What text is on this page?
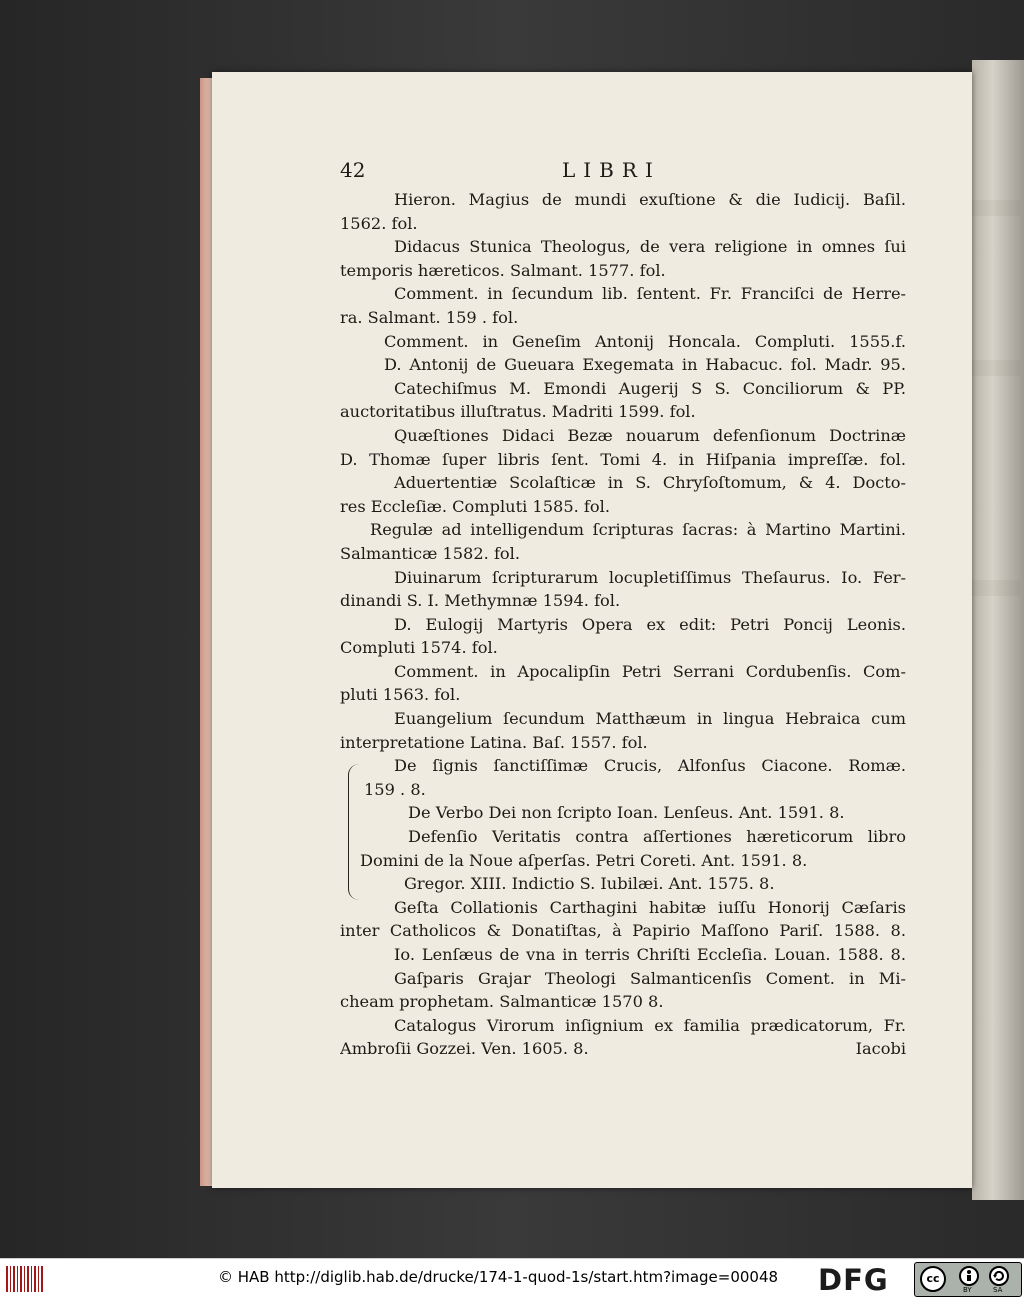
42	LIBRI
Hieron. Magius de mundi exuſtione & die Iudicij. Baſil.
1562. fol.
Didacus Stunica Theologus, de vera religione in omnes ſui
temporis hæreticos. Salmant. 1577. fol.
Comment. in ſecundum lib. ſentent. Fr. Franciſci de Herre-
ra. Salmant. 159 . fol.
Comment. in Geneſim Antonij Honcala. Compluti. 1555.f.
D. Antonij de Gueuara Exegemata in Habacuc. fol. Madr. 95.
Catechiſmus M. Emondi Augerij S S. Conciliorum & PP.
auctoritatibus illuſtratus. Madriti 1599. fol.
Quæſtiones Didaci Bezæ nouarum defenſionum Doctrinæ
D. Thomæ ſuper libris ſent. Tomi 4. in Hiſpania impreſſæ. fol.
Aduertentiæ Scolaſticæ in S. Chryſoſtomum, & 4. Docto-
res Eccleſiæ. Compluti 1585. fol.
Regulæ ad intelligendum ſcripturas ſacras: à Martino Martini.
Salmanticæ 1582. fol.
Diuinarum ſcripturarum locupletiſſimus Theſaurus. Io. Fer-
dinandi S. I. Methymnæ 1594. fol.
D. Eulogij Martyris Opera ex edit: Petri Poncij Leonis.
Compluti 1574. fol.
Comment. in Apocalipſin Petri Serrani Cordubenſis. Com-
pluti 1563. fol.
Euangelium ſecundum Matthæum in lingua Hebraica cum
interpretatione Latina. Baſ. 1557. fol.
De ſignis ſanctiſſimæ Crucis, Alfonſus Ciacone. Romæ.
159 . 8.
De Verbo Dei non ſcripto Ioan. Lenſeus. Ant. 1591. 8.
Defenſio Veritatis contra aſſertiones hæreticorum libro
Domini de la Noue aſperſas. Petri Coreti. Ant. 1591. 8.
Gregor. XIII. Indictio S. Iubilæi. Ant. 1575. 8.
Geſta Collationis Carthagini habitæ iuſſu Honorij Cæſaris
inter Catholicos & Donatiſtas, à Papirio Maſſono Pariſ. 1588. 8.
Io. Lenſæus de vna in terris Chriſti Eccleſia. Louan. 1588. 8.
Gaſparis Grajar Theologi Salmanticenſis Coment. in Mi-
cheam prophetam. Salmanticæ 1570 8.
Catalogus Virorum inſignium ex familia prædicatorum, Fr.
Ambroſii Gozzei. Ven. 1605. 8.	Iacobi
© HAB http://diglib.hab.de/drucke/174-1-quod-1s/start.htm?image=00048 DFG	cc
BY	SA
